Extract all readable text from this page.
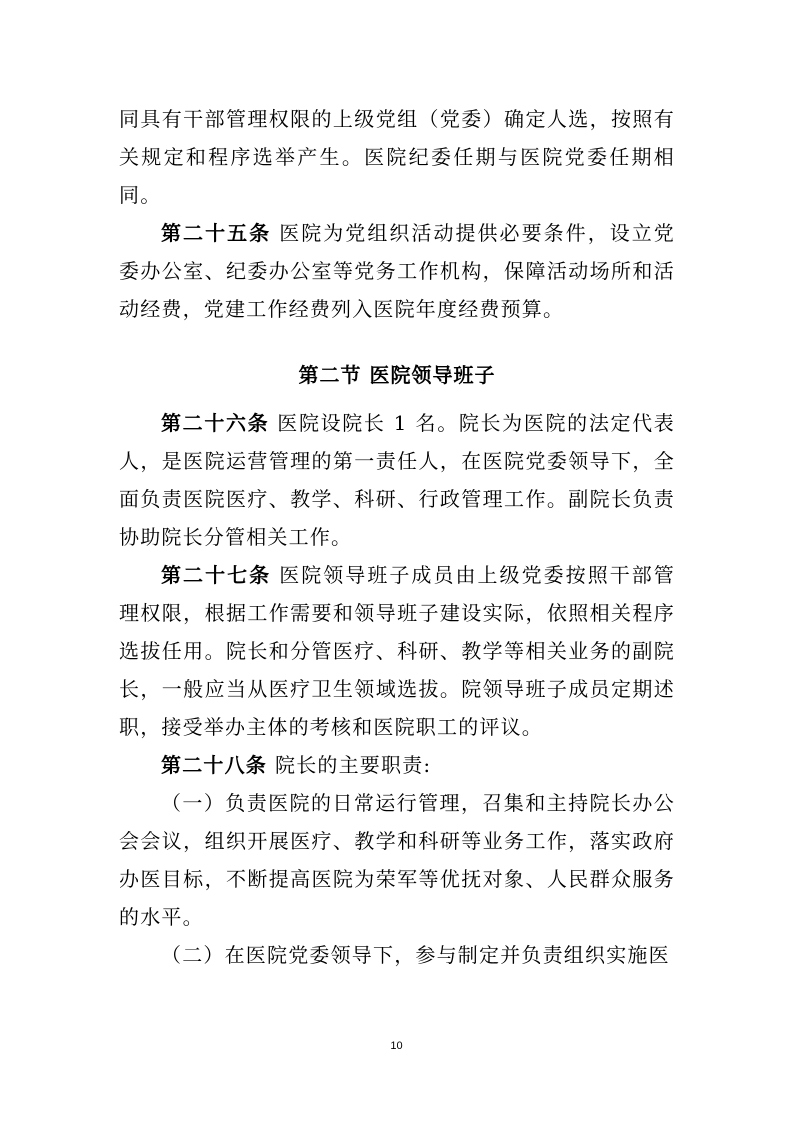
同具有干部管理权限的上级党组（党委）确定人选，按照有关规定和程序选举产生。医院纪委任期与医院党委任期相同。

第二十五条 医院为党组织活动提供必要条件，设立党委办公室、纪委办公室等党务工作机构，保障活动场所和活动经费，党建工作经费列入医院年度经费预算。

第二节 医院领导班子

第二十六条 医院设院长 1 名。院长为医院的法定代表人，是医院运营管理的第一责任人，在医院党委领导下，全面负责医院医疗、教学、科研、行政管理工作。副院长负责协助院长分管相关工作。

第二十七条 医院领导班子成员由上级党委按照干部管理权限，根据工作需要和领导班子建设实际，依照相关程序选拔任用。院长和分管医疗、科研、教学等相关业务的副院长，一般应当从医疗卫生领域选拔。院领导班子成员定期述职，接受举办主体的考核和医院职工的评议。

第二十八条 院长的主要职责:

（一）负责医院的日常运行管理，召集和主持院长办公会会议，组织开展医疗、教学和科研等业务工作，落实政府办医目标，不断提高医院为荣军等优抚对象、人民群众服务的水平。

（二）在医院党委领导下，参与制定并负责组织实施医

10
